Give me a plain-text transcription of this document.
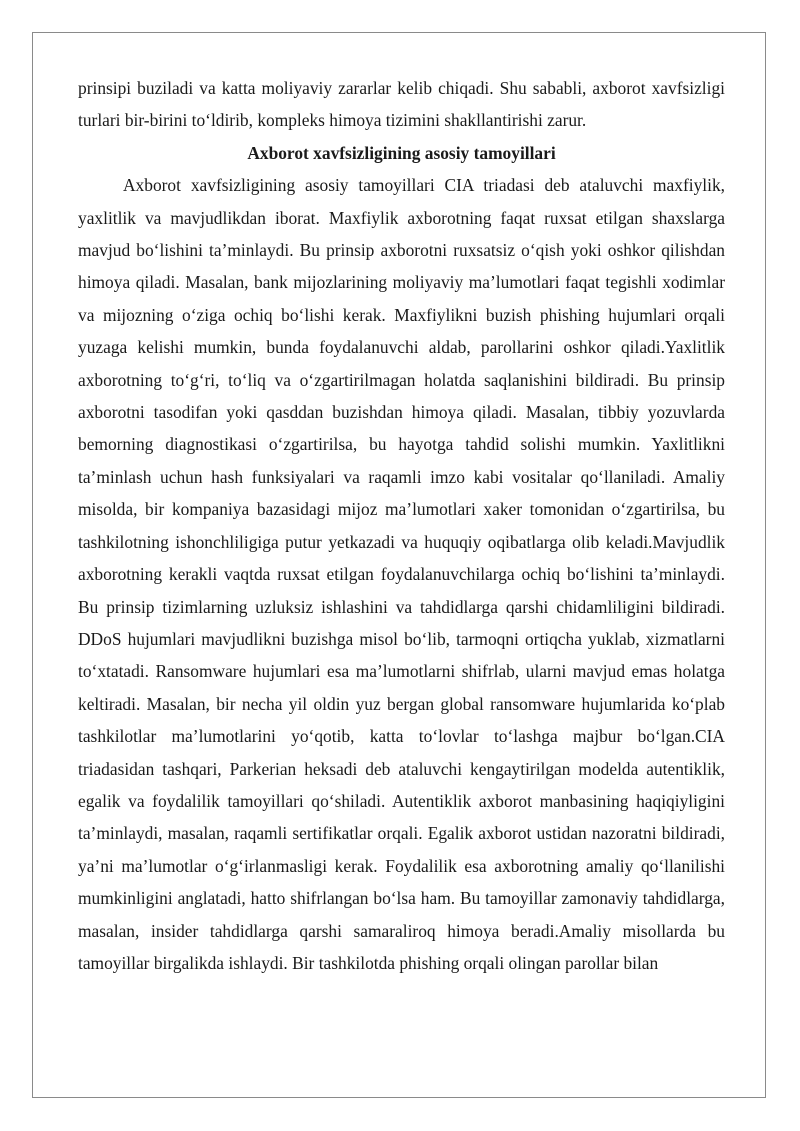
prinsipi buziladi va katta moliyaviy zararlar kelib chiqadi. Shu sababli, axborot xavfsizligi turlari bir-birini to‘ldirib, kompleks himoya tizimini shakllantirishi zarur.

Axborot xavfsizligining asosiy tamoyillari

Axborot xavfsizligining asosiy tamoyillari CIA triadasi deb ataluvchi maxfiylik, yaxlitlik va mavjudlikdan iborat. Maxfiylik axborotning faqat ruxsat etilgan shaxslarga mavjud bo‘lishini ta’minlaydi. Bu prinsip axborotni ruxsatsiz o‘qish yoki oshkor qilishdan himoya qiladi. Masalan, bank mijozlarining moliyaviy ma’lumotlari faqat tegishli xodimlar va mijozning o‘ziga ochiq bo‘lishi kerak. Maxfiylikni buzish phishing hujumlari orqali yuzaga kelishi mumkin, bunda foydalanuvchi aldab, parollarini oshkor qiladi.Yaxlitlik axborotning to‘g‘ri, to‘liq va o‘zgartirilmagan holatda saqlanishini bildiradi. Bu prinsip axborotni tasodifan yoki qasddan buzishdan himoya qiladi. Masalan, tibbiy yozuvlarda bemorning diagnostikasi o‘zgartirilsa, bu hayotga tahdid solishi mumkin. Yaxlitlikni ta’minlash uchun hash funksiyalari va raqamli imzo kabi vositalar qo‘llaniladi. Amaliy misolda, bir kompaniya bazasidagi mijoz ma’lumotlari xaker tomonidan o‘zgartirilsa, bu tashkilotning ishonchliligiga putur yetkazadi va huquqiy oqibatlarga olib keladi.Mavjudlik axborotning kerakli vaqtda ruxsat etilgan foydalanuvchilarga ochiq bo‘lishini ta’minlaydi. Bu prinsip tizimlarning uzluksiz ishlashini va tahdidlarga qarshi chidamliligini bildiradi. DDoS hujumlari mavjudlikni buzishga misol bo‘lib, tarmoqni ortiqcha yuklab, xizmatlarni to‘xtatadi. Ransomware hujumlari esa ma’lumotlarni shifrlab, ularni mavjud emas holatga keltiradi. Masalan, bir necha yil oldin yuz bergan global ransomware hujumlarida ko‘plab tashkilotlar ma’lumotlarini yo‘qotib, katta to‘lovlar to‘lashga majbur bo‘lgan.CIA triadasidan tashqari, Parkerian heksadi deb ataluvchi kengaytirilgan modelda autentiklik, egalik va foydalilik tamoyillari qo‘shiladi. Autentiklik axborot manbasining haqiqiyligini ta’minlaydi, masalan, raqamli sertifikatlar orqali. Egalik axborot ustidan nazoratni bildiradi, ya’ni ma’lumotlar o‘g‘irlanmasligi kerak. Foydalilik esa axborotning amaliy qo‘llanilishi mumkinligini anglatadi, hatto shifrlangan bo‘lsa ham. Bu tamoyillar zamonaviy tahdidlarga, masalan, insider tahdidlarga qarshi samaraliroq himoya beradi.Amaliy misollarda bu tamoyillar birgalikda ishlaydi. Bir tashkilotda phishing orqali olingan parollar bilan
